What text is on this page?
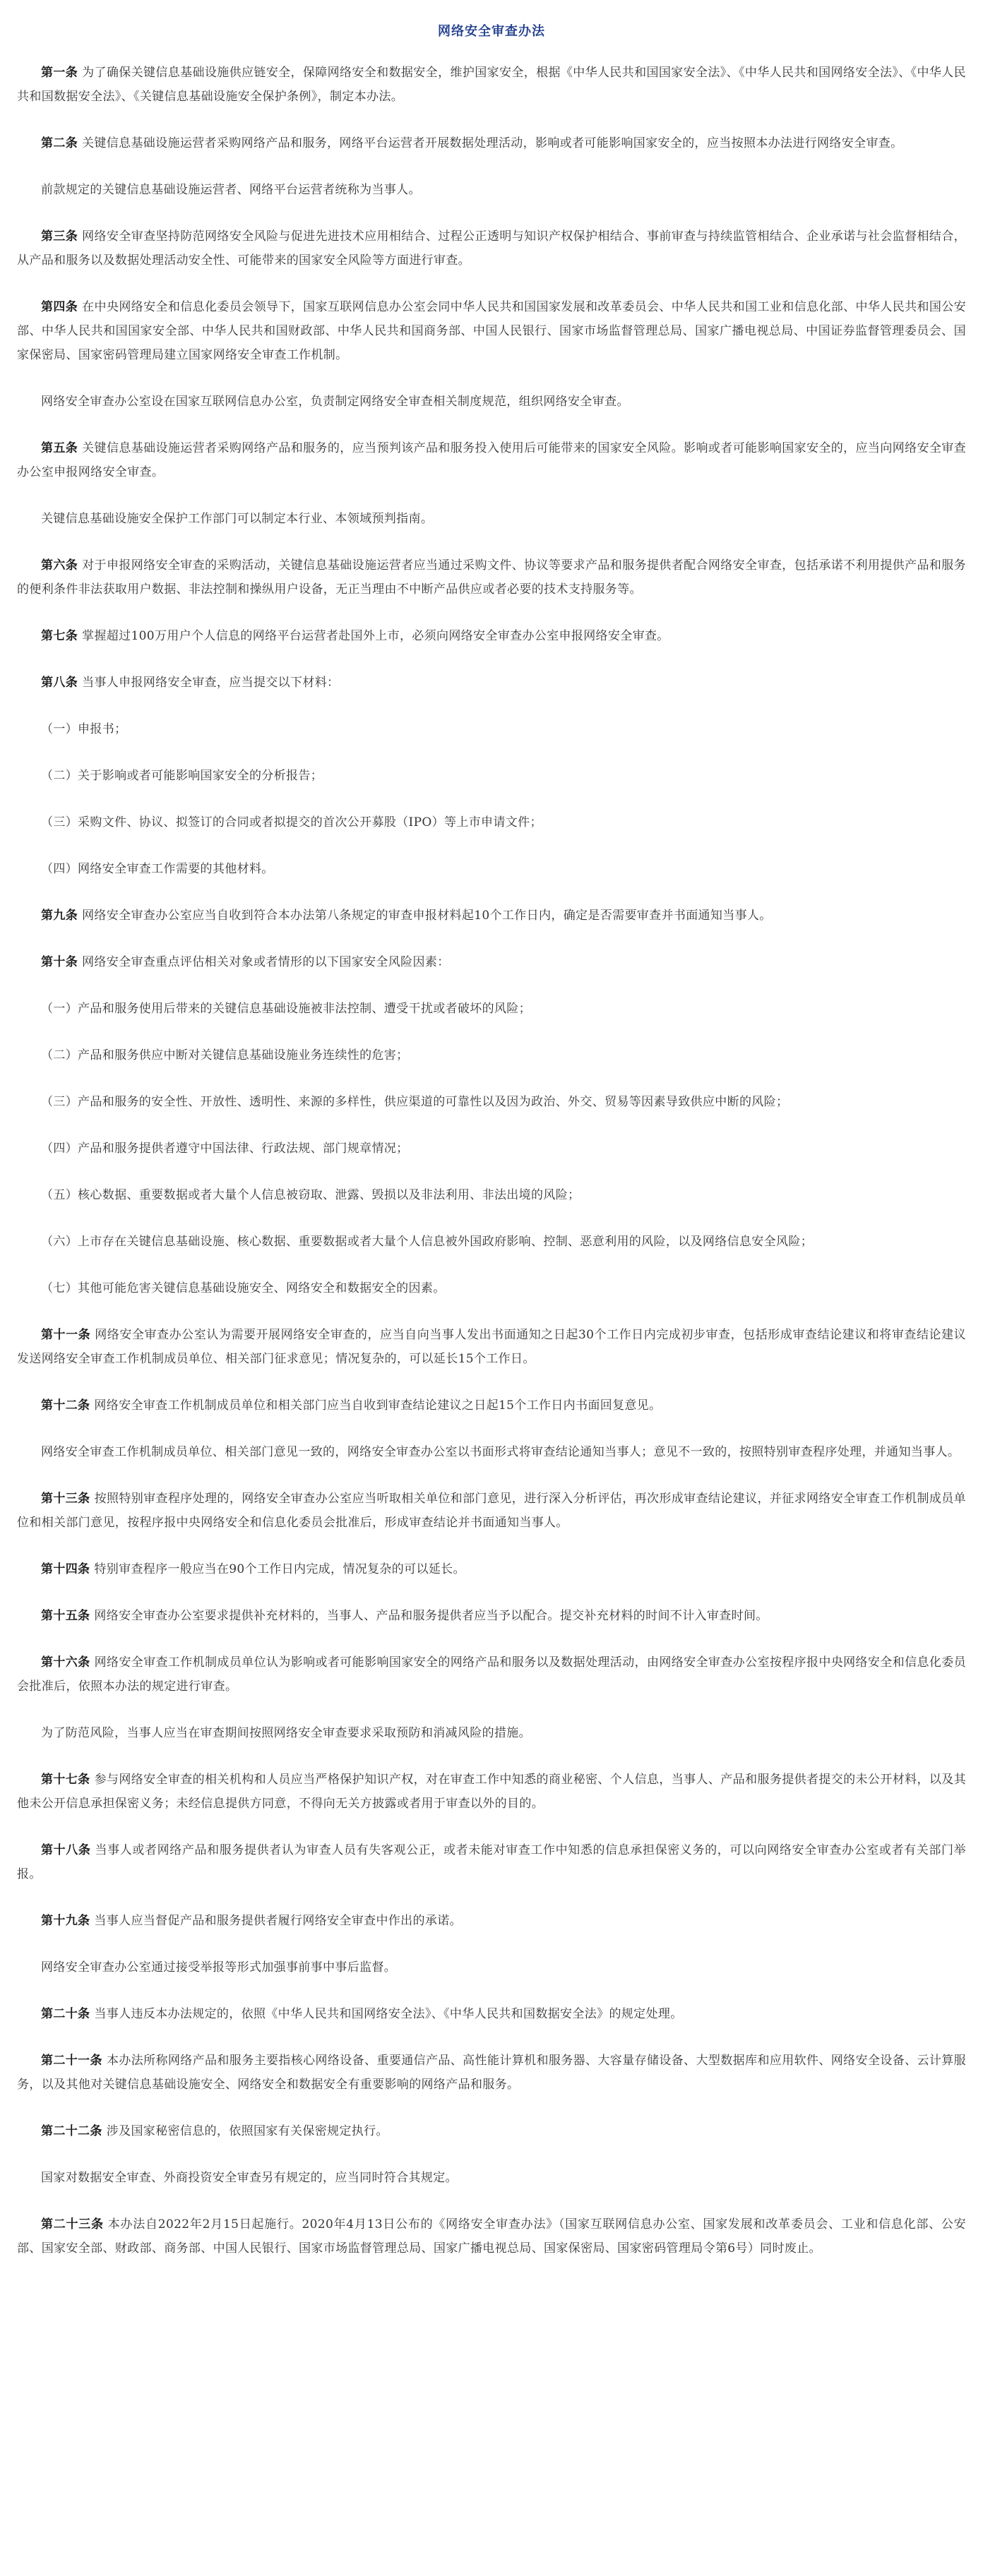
网络安全审查办法
第一条 为了确保关键信息基础设施供应链安全，保障网络安全和数据安全，维护国家安全，根据《中华人民共和国国家安全法》、《中华人民共和国网络安全法》、《中华人民共和国数据安全法》、《关键信息基础设施安全保护条例》，制定本办法。
第二条 关键信息基础设施运营者采购网络产品和服务，网络平台运营者开展数据处理活动，影响或者可能影响国家安全的，应当按照本办法进行网络安全审查。
前款规定的关键信息基础设施运营者、网络平台运营者统称为当事人。
第三条 网络安全审查坚持防范网络安全风险与促进先进技术应用相结合、过程公正透明与知识产权保护相结合、事前审查与持续监管相结合、企业承诺与社会监督相结合，从产品和服务以及数据处理活动安全性、可能带来的国家安全风险等方面进行审查。
第四条 在中央网络安全和信息化委员会领导下，国家互联网信息办公室会同中华人民共和国国家发展和改革委员会、中华人民共和国工业和信息化部、中华人民共和国公安部、中华人民共和国国家安全部、中华人民共和国财政部、中华人民共和国商务部、中国人民银行、国家市场监督管理总局、国家广播电视总局、中国证券监督管理委员会、国家保密局、国家密码管理局建立国家网络安全审查工作机制。
网络安全审查办公室设在国家互联网信息办公室，负责制定网络安全审查相关制度规范，组织网络安全审查。
第五条 关键信息基础设施运营者采购网络产品和服务的，应当预判该产品和服务投入使用后可能带来的国家安全风险。影响或者可能影响国家安全的，应当向网络安全审查办公室申报网络安全审查。
关键信息基础设施安全保护工作部门可以制定本行业、本领域预判指南。
第六条 对于申报网络安全审查的采购活动，关键信息基础设施运营者应当通过采购文件、协议等要求产品和服务提供者配合网络安全审查，包括承诺不利用提供产品和服务的便利条件非法获取用户数据、非法控制和操纵用户设备，无正当理由不中断产品供应或者必要的技术支持服务等。
第七条 掌握超过100万用户个人信息的网络平台运营者赴国外上市，必须向网络安全审查办公室申报网络安全审查。
第八条 当事人申报网络安全审查，应当提交以下材料：
（一）申报书；
（二）关于影响或者可能影响国家安全的分析报告；
（三）采购文件、协议、拟签订的合同或者拟提交的首次公开募股（IPO）等上市申请文件；
（四）网络安全审查工作需要的其他材料。
第九条 网络安全审查办公室应当自收到符合本办法第八条规定的审查申报材料起10个工作日内，确定是否需要审查并书面通知当事人。
第十条 网络安全审查重点评估相关对象或者情形的以下国家安全风险因素：
（一）产品和服务使用后带来的关键信息基础设施被非法控制、遭受干扰或者破坏的风险；
（二）产品和服务供应中断对关键信息基础设施业务连续性的危害；
（三）产品和服务的安全性、开放性、透明性、来源的多样性，供应渠道的可靠性以及因为政治、外交、贸易等因素导致供应中断的风险；
（四）产品和服务提供者遵守中国法律、行政法规、部门规章情况；
（五）核心数据、重要数据或者大量个人信息被窃取、泄露、毁损以及非法利用、非法出境的风险；
（六）上市存在关键信息基础设施、核心数据、重要数据或者大量个人信息被外国政府影响、控制、恶意利用的风险，以及网络信息安全风险；
（七）其他可能危害关键信息基础设施安全、网络安全和数据安全的因素。
第十一条 网络安全审查办公室认为需要开展网络安全审查的，应当自向当事人发出书面通知之日起30个工作日内完成初步审查，包括形成审查结论建议和将审查结论建议发送网络安全审查工作机制成员单位、相关部门征求意见；情况复杂的，可以延长15个工作日。
第十二条 网络安全审查工作机制成员单位和相关部门应当自收到审查结论建议之日起15个工作日内书面回复意见。
网络安全审查工作机制成员单位、相关部门意见一致的，网络安全审查办公室以书面形式将审查结论通知当事人；意见不一致的，按照特别审查程序处理，并通知当事人。
第十三条 按照特别审查程序处理的，网络安全审查办公室应当听取相关单位和部门意见，进行深入分析评估，再次形成审查结论建议，并征求网络安全审查工作机制成员单位和相关部门意见，按程序报中央网络安全和信息化委员会批准后，形成审查结论并书面通知当事人。
第十四条 特别审查程序一般应当在90个工作日内完成，情况复杂的可以延长。
第十五条 网络安全审查办公室要求提供补充材料的，当事人、产品和服务提供者应当予以配合。提交补充材料的时间不计入审查时间。
第十六条 网络安全审查工作机制成员单位认为影响或者可能影响国家安全的网络产品和服务以及数据处理活动，由网络安全审查办公室按程序报中央网络安全和信息化委员会批准后，依照本办法的规定进行审查。
为了防范风险，当事人应当在审查期间按照网络安全审查要求采取预防和消减风险的措施。
第十七条 参与网络安全审查的相关机构和人员应当严格保护知识产权，对在审查工作中知悉的商业秘密、个人信息，当事人、产品和服务提供者提交的未公开材料，以及其他未公开信息承担保密义务；未经信息提供方同意，不得向无关方披露或者用于审查以外的目的。
第十八条 当事人或者网络产品和服务提供者认为审查人员有失客观公正，或者未能对审查工作中知悉的信息承担保密义务的，可以向网络安全审查办公室或者有关部门举报。
第十九条 当事人应当督促产品和服务提供者履行网络安全审查中作出的承诺。
网络安全审查办公室通过接受举报等形式加强事前事中事后监督。
第二十条 当事人违反本办法规定的，依照《中华人民共和国网络安全法》、《中华人民共和国数据安全法》的规定处理。
第二十一条 本办法所称网络产品和服务主要指核心网络设备、重要通信产品、高性能计算机和服务器、大容量存储设备、大型数据库和应用软件、网络安全设备、云计算服务，以及其他对关键信息基础设施安全、网络安全和数据安全有重要影响的网络产品和服务。
第二十二条 涉及国家秘密信息的，依照国家有关保密规定执行。
国家对数据安全审查、外商投资安全审查另有规定的，应当同时符合其规定。
第二十三条 本办法自2022年2月15日起施行。2020年4月13日公布的《网络安全审查办法》（国家互联网信息办公室、国家发展和改革委员会、工业和信息化部、公安部、国家安全部、财政部、商务部、中国人民银行、国家市场监督管理总局、国家广播电视总局、国家保密局、国家密码管理局令第6号）同时废止。
